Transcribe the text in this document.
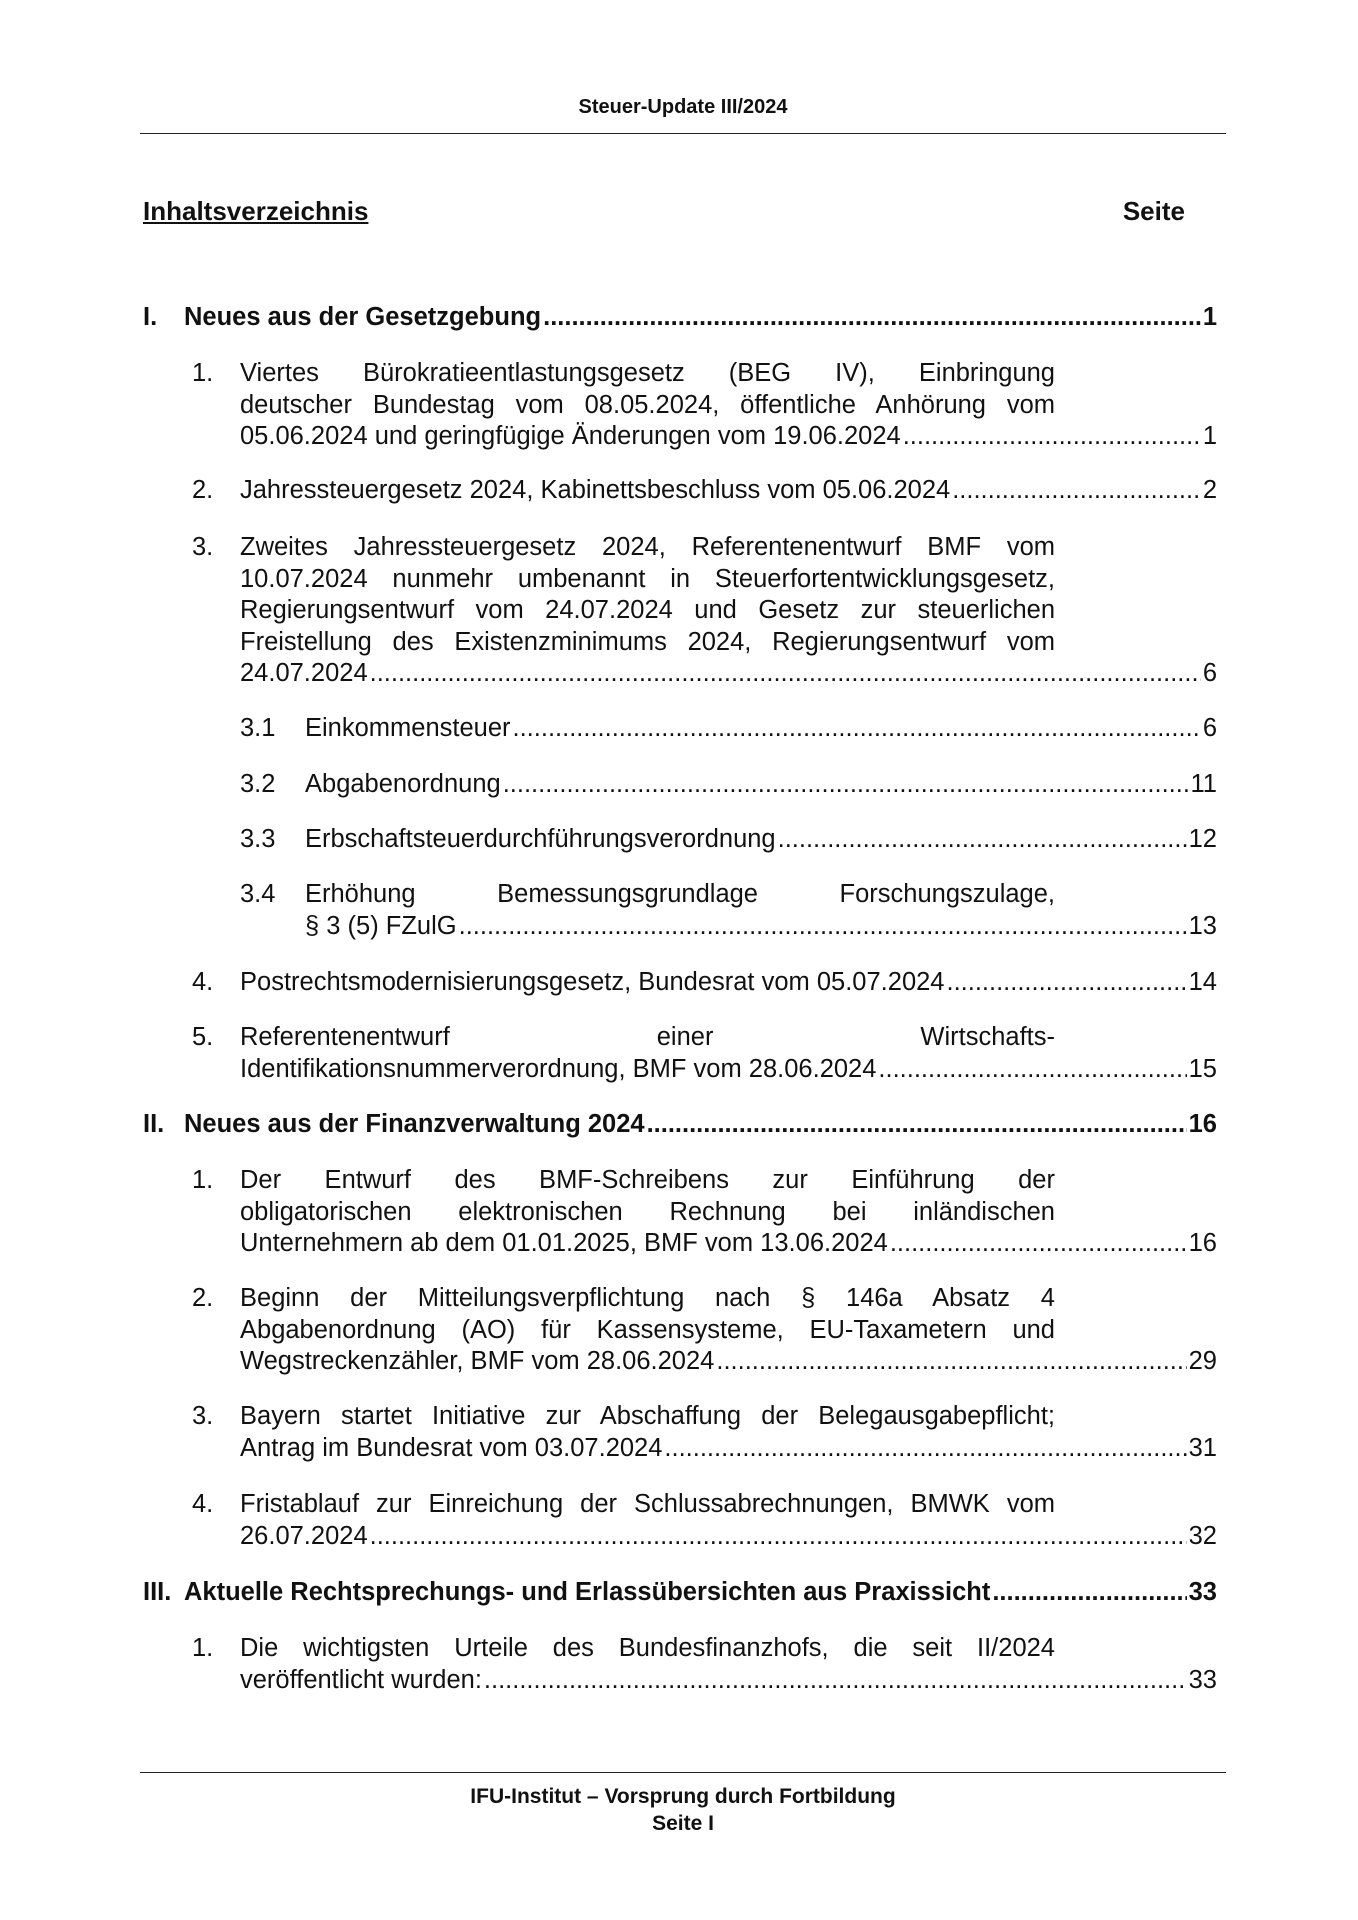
Steuer-Update III/2024
Inhaltsverzeichnis	Seite
I. Neues aus der Gesetzgebung .....	1
1. Viertes Bürokratieentlastungsgesetz (BEG IV), Einbringung
deutscher Bundestag vom 08.05.2024, öffentliche Anhörung vom
05.06.2024 und geringfügige Änderungen vom 19.06.2024 .....	1
2. Jahressteuergesetz 2024, Kabinettsbeschluss vom 05.06.2024 .....	2
3. Zweites Jahressteuergesetz 2024, Referentenentwurf BMF vom
10.07.2024 nunmehr umbenannt in Steuerfortentwicklungsgesetz,
Regierungsentwurf vom 24.07.2024 und Gesetz zur steuerlichen
Freistellung des Existenzminimums 2024, Regierungsentwurf vom
24.07.2024 .....	6
3.1 Einkommensteuer .....	6
3.2 Abgabenordnung .....	11
3.3 Erbschaftsteuerdurchführungsverordnung .....	12
3.4 Erhöhung Bemessungsgrundlage Forschungszulage,
§ 3 (5) FZulG .....	13
4. Postrechtsmodernisierungsgesetz, Bundesrat vom 05.07.2024 .....	14
5. Referentenentwurf einer Wirtschafts-
Identifikationsnummerverordnung, BMF vom 28.06.2024 .....	15
II. Neues aus der Finanzverwaltung 2024 .....	16
1. Der Entwurf des BMF-Schreibens zur Einführung der
obligatorischen elektronischen Rechnung bei inländischen
Unternehmern ab dem 01.01.2025, BMF vom 13.06.2024 .....	16
2. Beginn der Mitteilungsverpflichtung nach § 146a Absatz 4
Abgabenordnung (AO) für Kassensysteme, EU-Taxametern und
Wegstreckenzähler, BMF vom 28.06.2024 .....	29
3. Bayern startet Initiative zur Abschaffung der Belegausgabepflicht;
Antrag im Bundesrat vom 03.07.2024 .....	31
4. Fristablauf zur Einreichung der Schlussabrechnungen, BMWK vom
26.07.2024 .....	32
III. Aktuelle Rechtsprechungs- und Erlassübersichten aus Praxissicht .....	33
1. Die wichtigsten Urteile des Bundesfinanzhofs, die seit II/2024
veröffentlicht wurden: .....	33
IFU-Institut – Vorsprung durch Fortbildung
Seite I
